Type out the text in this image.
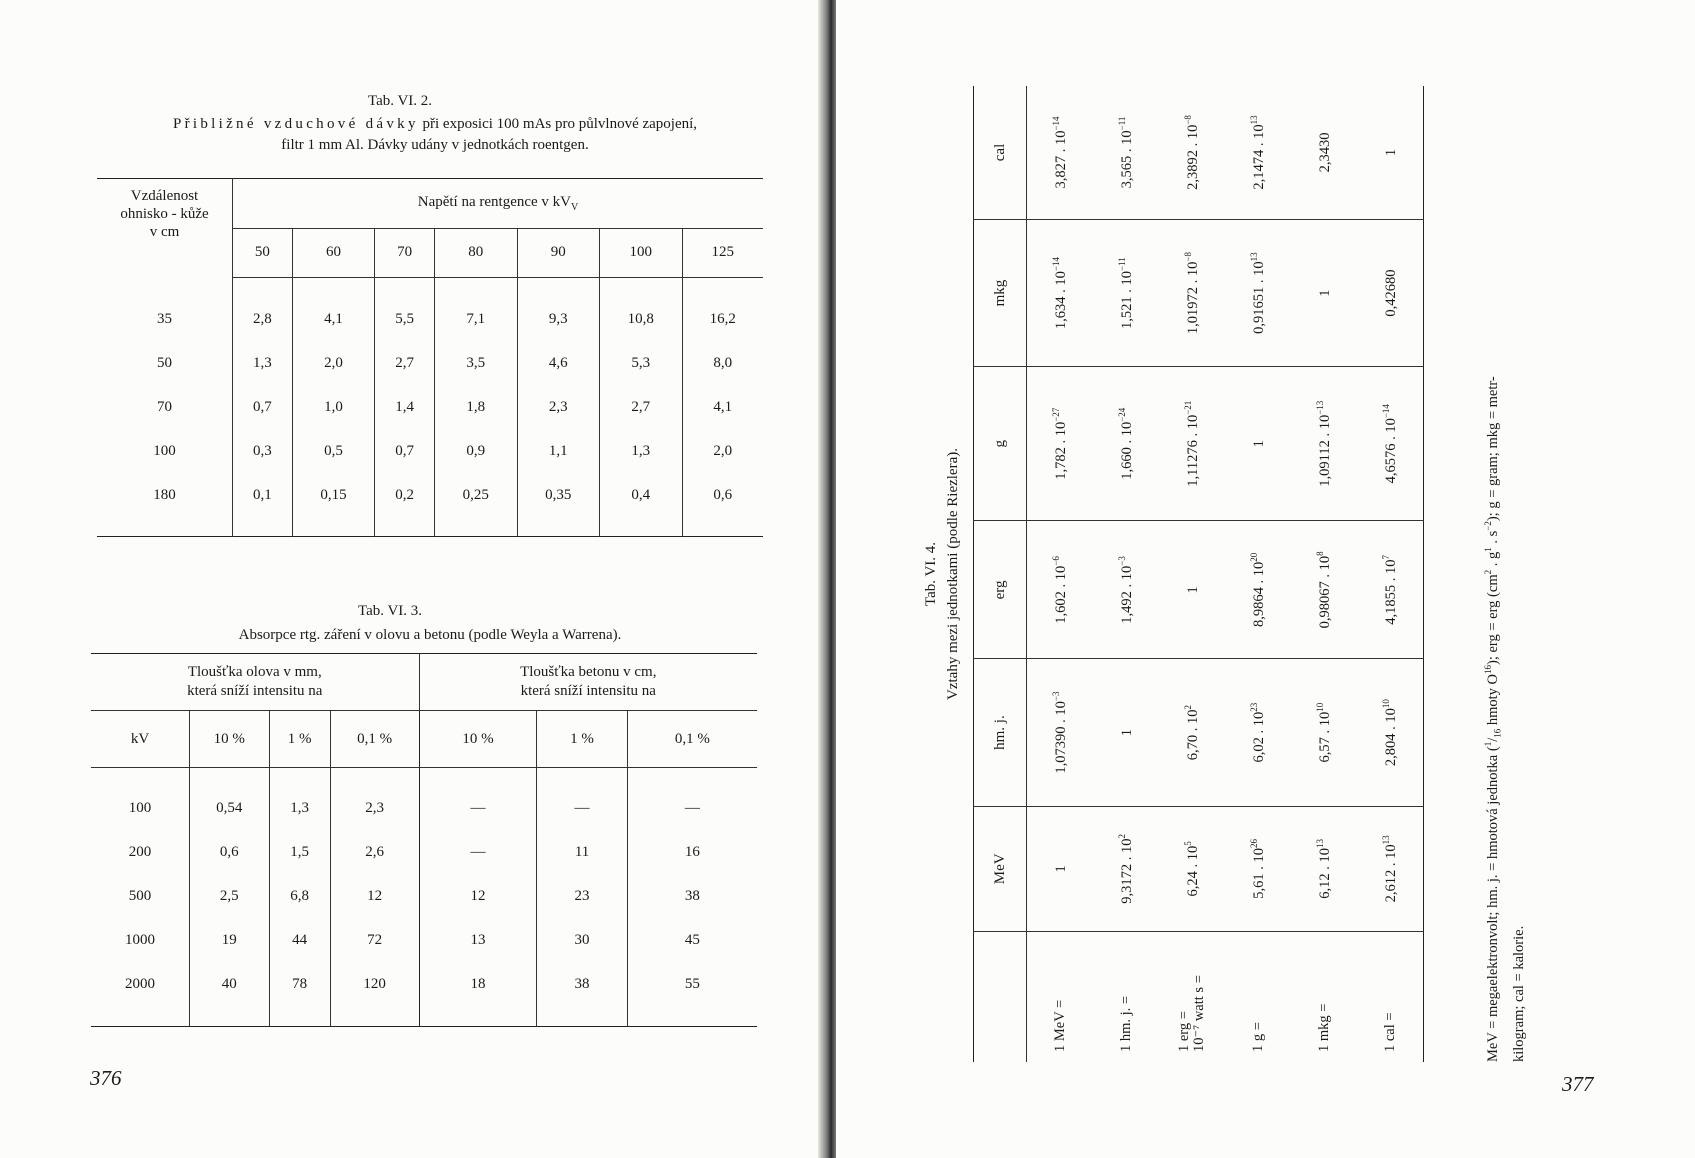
Tab. VI. 2.
Přibližné vzduchové dávky při exposici 100 mAs pro půlvlnové zapojení,
filtr 1 mm Al. Dávky udány v jednotkách roentgen.
Vzdálenost
ohnisko - kůže
v cm	Napětí na rentgence v $kV_V$
	50	60	70	80	90	100	125
35	2,8	4,1	5,5	7,1	9,3	10,8	16,2
50	1,3	2,0	2,7	3,5	4,6	5,3	8,0
70	0,7	1,0	1,4	1,8	2,3	2,7	4,1
100	0,3	0,5	0,7	0,9	1,1	1,3	2,0
180	0,1	0,15	0,2	0,25	0,35	0,4	0,6
Tab. VI. 3.
Absorpce rtg. záření v olovu a betonu (podle Weyla a Warrena).
Tloušťka olova v mm,
která sníží intensitu na				Tloušťka betonu v cm,
která sníží intensitu na		
kV	10 %	1 %	0,1 %	10 %	1 %	0,1 %
100	0,54	1,3	2,3	—	—	—
200	0,6	1,5	2,6	—	11	16
500	2,5	6,8	12	12	23	38
1000	19	44	72	13	30	45
2000	40	78	120	18	38	55
376	377
Tab. VI. 4. Vztahy mezi jednotkami (podle Riezlera).
	MeV	hm. j.	erg	g	mkg	cal
1 MeV =	1	1,07390 . $10^{-3}$	1,602 . $10^{-6}$	1,782 . $10^{-27}$	1,634 . $10^{-14}$	3,827 . $10^{-14}$
1 hm. j. =	9,3172 . $10^2$	1	1,492 . $10^{-3}$	1,660 . $10^{-24}$	1,521 . $10^{-11}$	3,565 . $10^{-11}$
1 erg =
10⁻⁷ watt s =	6,24 . $10^5$	6,70 . $10^2$	1	1,11276 . $10^{-21}$	1,01972 . $10^{-8}$	2,3892 . $10^{-8}$
1 g =	5,61 . $10^{26}$	6,02 . $10^{23}$	8,9864 . $10^{20}$	1	0,91651 . $10^{13}$	2,1474 . $10^{13}$
1 mkg =	6,12 . $10^{13}$	6,57 . $10^{10}$	0,98067 . $10^8$	1,09112 . $10^{-13}$	1	2,3430
1 cal =	2,612 . $10^{13}$	2,804 . $10^{10}$	4,1855 . $10^7$	4,6576 . $10^{-14}$	0,42680	1
MeV = megaelektronvolt; hm. j. = hmotová jednotka ($^1/_{16}$ hmoty $O^{16}$); erg = erg ($cm^2$ . $g^1$ . $s^{-2}$); g = gram; mkg = metr-
kilogram; cal = kalorie.
